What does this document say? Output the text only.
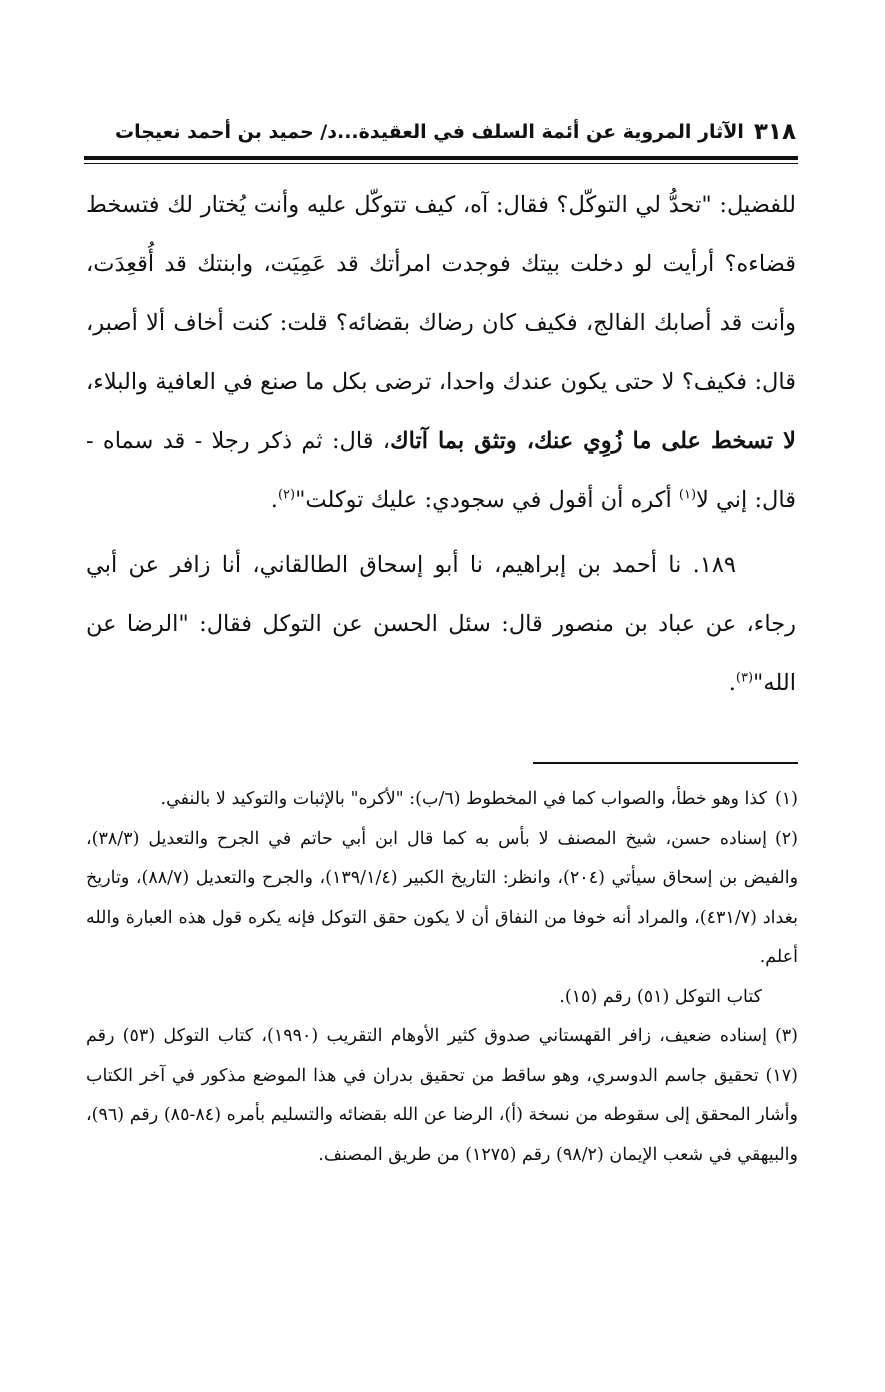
٣١٨
الآثار المروية عن أئمة السلف في العقيدة...د/ حميد بن أحمد نعيجات

للفضيل: "تحدُّ لي التوكّل؟ فقال: آه، كيف تتوكّل عليه وأنت يُختار لك فتسخط قضاءه؟ أرأيت لو دخلت بيتك فوجدت امرأتك قد عَمِيَت، وابنتك قد أُقعِدَت، وأنت قد أصابك الفالج، فكيف كان رضاك بقضائه؟ قلت: كنت أخاف ألا أصبر، قال: فكيف؟ لا حتى يكون عندك واحدا، ترضى بكل ما صنع في العافية والبلاء، لا تسخط على ما زُوِي عنك، وتثق بما آتاك، قال: ثم ذكر رجلا - قد سماه - قال: إني لا$^{(١)}$ أكره أن أقول في سجودي: عليك توكلت"$^{(٢)}$.

١٨٩. نا أحمد بن إبراهيم، نا أبو إسحاق الطالقاني، أنا زافر عن أبي رجاء، عن عباد بن منصور قال: سئل الحسن عن التوكل فقال: "الرضا عن الله"$^{(٣)}$.

(١)كذا وهو خطأ، والصواب كما في المخطوط (٦/ب): "لأكره" بالإثبات والتوكيد لا بالنفي.

(٢)إسناده حسن، شيخ المصنف لا بأس به كما قال ابن أبي حاتم في الجرح والتعديل (٣٨/٣)، والفيض بن إسحاق سيأتي (٢٠٤)، وانظر: التاريخ الكبير (١٣٩/١/٤)، والجرح والتعديل (٨٨/٧)، وتاريخ بغداد (٤٣١/٧)، والمراد أنه خوفا من النفاق أن لا يكون حقق التوكل فإنه يكره قول هذه العبارة والله أعلم.

كتاب التوكل (٥١) رقم (١٥).

(٣)إسناده ضعيف، زافر القهستاني صدوق كثير الأوهام التقريب (١٩٩٠)، كتاب التوكل (٥٣) رقم (١٧) تحقيق جاسم الدوسري، وهو ساقط من تحقيق بدران في هذا الموضع مذكور في آخر الكتاب وأشار المحقق إلى سقوطه من نسخة (أ)، الرضا عن الله بقضائه والتسليم بأمره (٨٤-٨٥) رقم (٩٦)، والبيهقي في شعب الإيمان (٩٨/٢) رقم (١٢٧٥) من طريق المصنف.
